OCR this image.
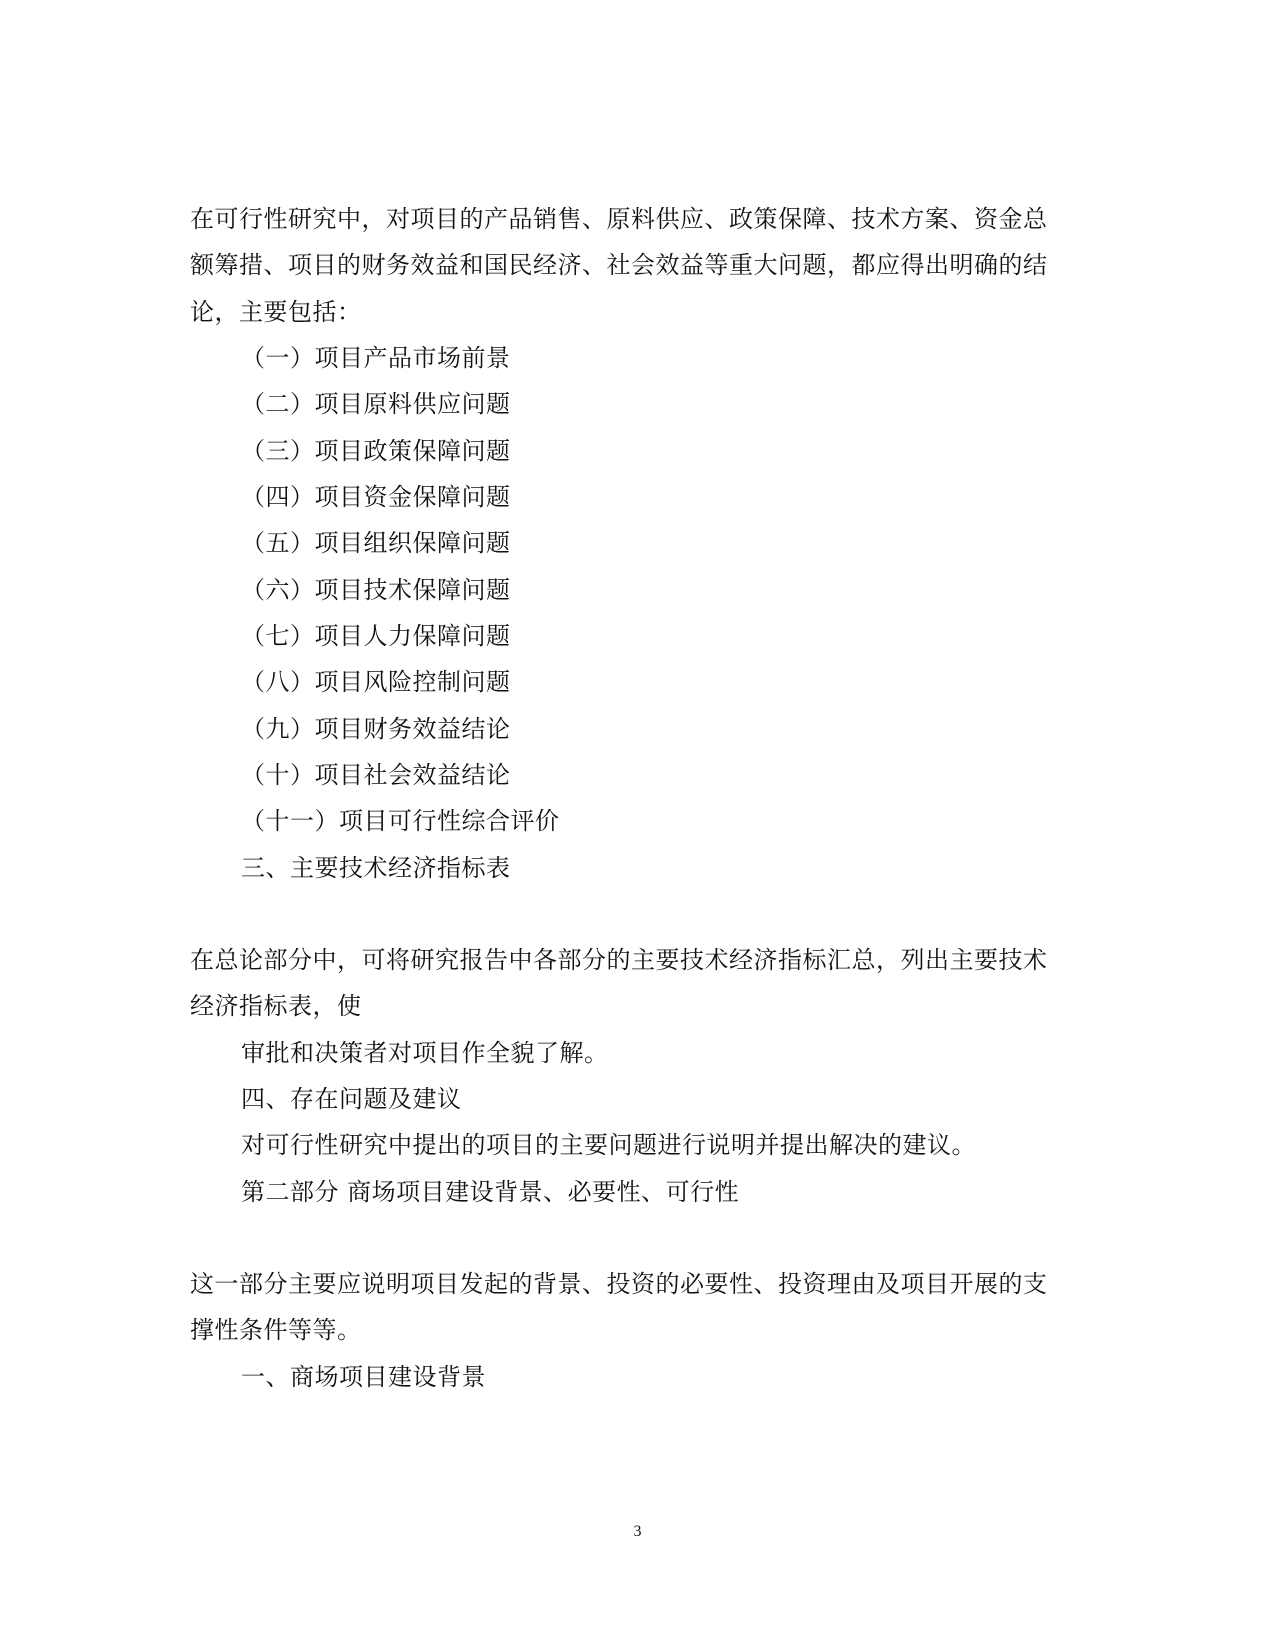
在可行性研究中，对项目的产品销售、原料供应、政策保障、技术方案、资金总
额筹措、项目的财务效益和国民经济、社会效益等重大问题，都应得出明确的结
论，主要包括：
（一）项目产品市场前景
（二）项目原料供应问题
（三）项目政策保障问题
（四）项目资金保障问题
（五）项目组织保障问题
（六）项目技术保障问题
（七）项目人力保障问题
（八）项目风险控制问题
（九）项目财务效益结论
（十）项目社会效益结论
（十一）项目可行性综合评价
三、主要技术经济指标表
在总论部分中，可将研究报告中各部分的主要技术经济指标汇总，列出主要技术
经济指标表，使
审批和决策者对项目作全貌了解。
四、存在问题及建议
对可行性研究中提出的项目的主要问题进行说明并提出解决的建议。
第二部分 商场项目建设背景、必要性、可行性
这一部分主要应说明项目发起的背景、投资的必要性、投资理由及项目开展的支
撑性条件等等。
一、商场项目建设背景
3
